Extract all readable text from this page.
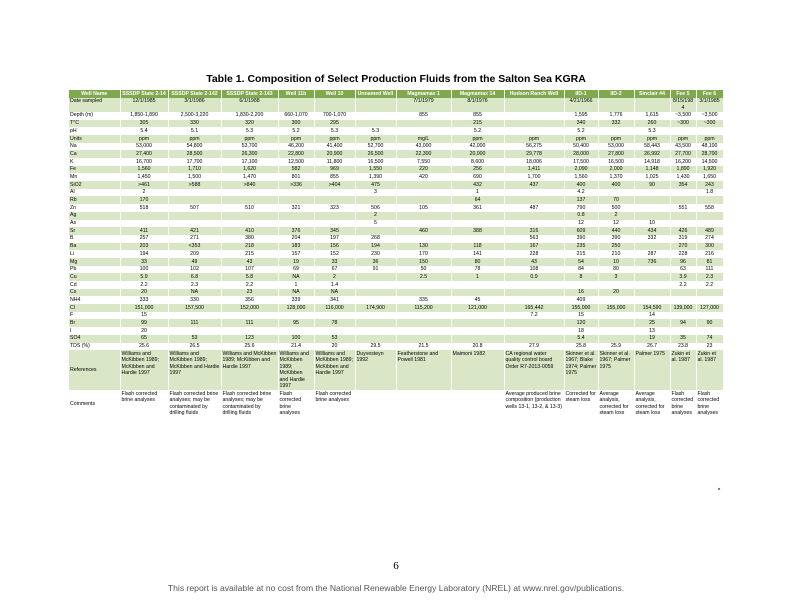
Table 1. Composition of Select Production Fluids from the Salton Sea KGRA
Well Name	SSSDP State 2-14	SSSDP State 2-142	SSSDP State 2-143	Well 11b	Well 10	Unnamed Well	Magmamax 1	Magmamax 14	Hudson Ranch Well	IID-1	IID-2	Sinclair #4	Fee 5	Fee 6
Date sampled	12/1/1985	3/1/1986	6/1/1988				7/1/1979	8/1/1976		4/21/1966			8/15/1984	3/1/1985
Depth (m)	1,850-1,890	2,500-3,220	1,830-2,200	660-1,070	700-1,070		855	855		1,595	1,776	1,615	~3,500	~3,500
T°C	305	330	320	300	295			215		340	332	260	~300	~300
pH	5.4	5.1	5.3	5.2	5.3	5.3		5.2		5.2		5.3		
Units	ppm	ppm	ppm	ppm	ppm	ppm	mg/L	ppm	ppm	ppm	ppm	ppm	ppm	ppm
Na	53,000	54,800	53,700	46,200	41,400	52,700	43,000	42,000	56,275	50,400	53,000	58,443	43,500	48,100
Ca	27,400	28,500	26,300	22,800	20,900	26,500	22,300	20,000	29,778	28,000	27,800	26,992	27,700	28,700
K	16,700	17,700	17,100	12,500	11,800	16,500	7,550	8,600	18,006	17,500	16,500	14,918	16,200	14,500
Fe	1,560	1,710	1,620	582	969	1,550	220	256	1,411	2,090	2,000	1,148	1,890	1,920
Mn	1,450	1,500	1,470	801	855	1,390	420	690	1,700	1,560	1,370	1,025	1,430	1,650
SiO2	>461	>588	>840	>336	>404	475		432	437	400	400	90	354	243
Al	2					3		1		4.2				1.8
Rb	170							64		137	70			
Zn	518	507	510	321	323	506	105	361	487	790	500		551	558
Ag						2				0.8	2			
As						5				12	12	10		
Sr	411	421	410	376	345		460	388	316	609	440	434	426	489
B	257	271	380	204	197	268			563	390	390	332	319	274
Ba	203	<353	218	183	156	194	130	118	167	235	250		270	300
Li	194	209	215	157	152	230	170	141	228	215	210	287	228	216
Mg	33	49	43	19	33	36	150	80	43	54	10	736	96	81
Pb	100	102	107	69	67	91	50	78	108	84	80		63	111
Cu	5.9	6.8	5.8	NA	2		2.5	1	0.9	8	3		3.9	2.3
Cd	2.2	2.3	2.2	1	1.4								2.2	2.2
Cs	20	NA	23	NA	NA					16	20			
NH4	333	330	356	339	341		335	45		409				
Cl	151,000	157,500	152,000	128,000	116,000	174,900	115,200	121,000	165,442	155,000	155,000	154,590	139,000	127,000
F	15								7.2	15		14		
Br	99	111	111	95	78					120		25	94	90
I	20									18		13		
SO4	65	53	123	100	53					5.4		19	35	74
TDS (%)	25.6	26.5	25.6	21.4	20	29.5	21.5	20.8	27.9	25.8	25.9	26.7	23.8	23
References	Williams and McKibben 1989; McKibben and Hardie 1997	Williams and McKibben 1989; McKibben and Hardie 1997	Williams and McKibben 1989; McKibben and Hardie 1997	Williams and McKibben 1989; McKibben and Hardie 1997	Williams and McKibben 1989; McKibben and Hardie 1997	Duyvesteyn 1992	Featherstone and Powell 1981	Maimoni 1982	CA regional water quality control board Order R7-2013-0059	Skinner et al. 1967; Blake 1974; Palmer 1975	Skinner et al. 1967; Palmer 1975	Palmer 1975	Zukin et al. 1987	Zukin et al. 1987
Comments	Flash corrected brine analyses	Flash corrected brine analyses; may be contaminated by drilling fluids	Flash corrected brine analyses; may be contaminated by drilling fluids	Flash corrected brine analyses	Flash corrected brine analyses				Average produced brine composition (production wells 13-1, 13-2, & 13-3)	Corrected for steam loss	Average analysis, corrected for steam loss	Average analysis, corrected for steam loss	Flash corrected brine analyses	Flash corrected brine analyses
■
6
This report is available at no cost from the National Renewable Energy Laboratory (NREL) at www.nrel.gov/publications.
